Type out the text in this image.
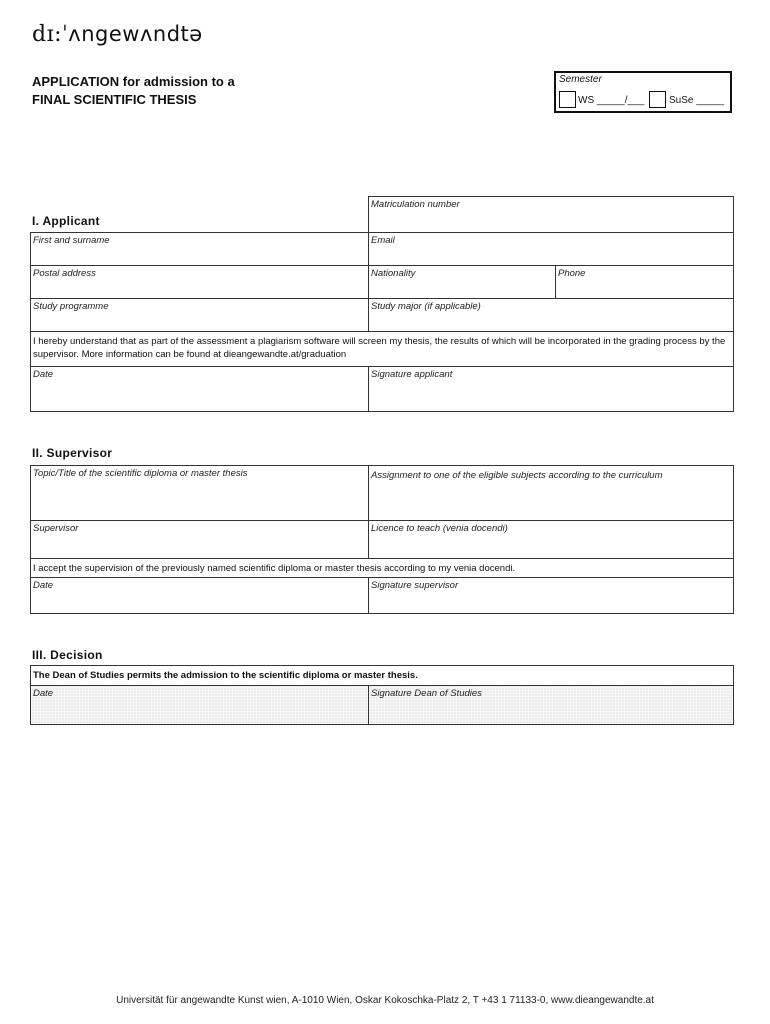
dɪ:ˈʌngewʌndtə
APPLICATION for admission to a
FINAL SCIENTIFIC THESIS
Semester
WS _____/___ SuSe _____
Matriculation number
I. Applicant
First and surname	Email
Postal address	Nationality	Phone
Study programme	Study major (if applicable)
I hereby understand that as part of the assessment a plagiarism software will screen my thesis, the results of which will be incorporated in the grading process by the supervisor. More information can be found at dieangewandte.at/graduation
Date	Signature applicant
II. Supervisor
Topic/Title of the scientific diploma or master thesis	Assignment to one of the eligible subjects according to the curriculum
Supervisor	Licence to teach (venia docendi)
I accept the supervision of the previously named scientific diploma or master thesis according to my venia docendi.
Date	Signature supervisor
III. Decision
The Dean of Studies permits the admission to the scientific diploma or master thesis.
Date	Signature Dean of Studies
Universität für angewandte Kunst wien, A-1010 Wien, Oskar Kokoschka-Platz 2, T +43 1 71133-0, www.dieangewandte.at
